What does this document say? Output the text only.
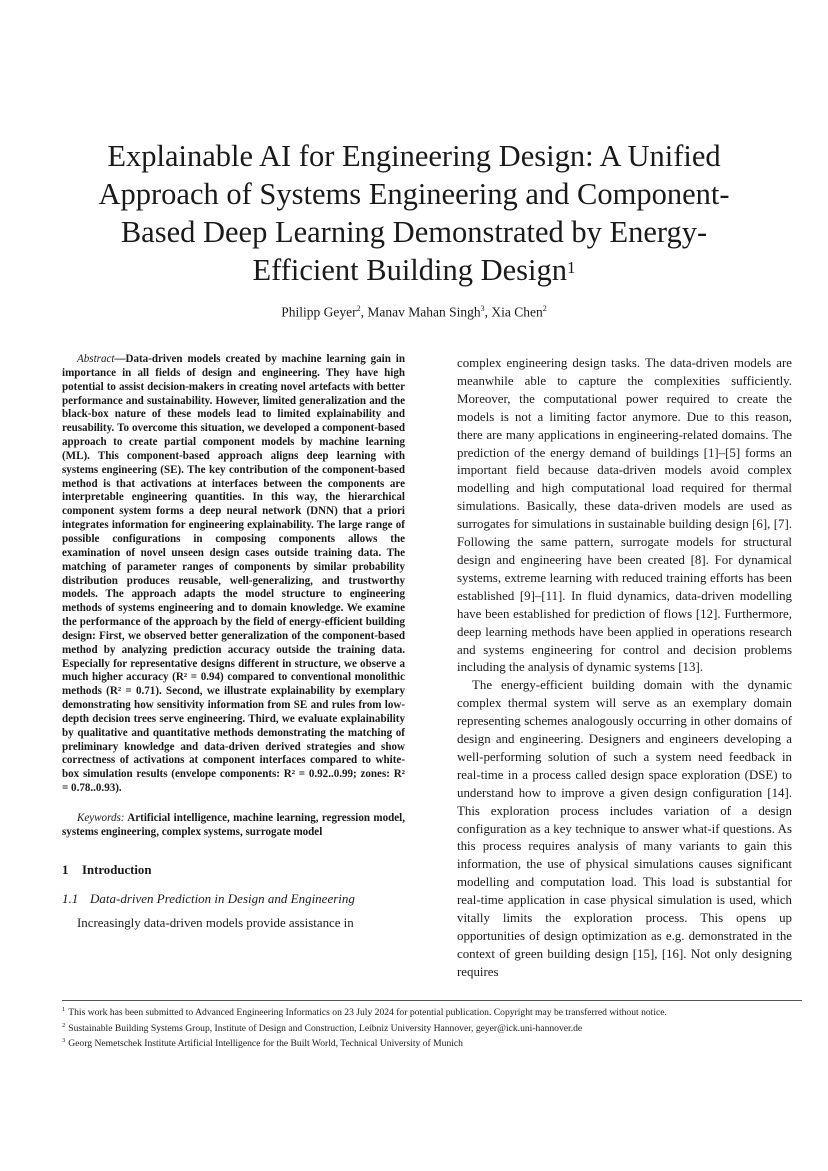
Explainable AI for Engineering Design: A Unified
Approach of Systems Engineering and Component-
Based Deep Learning Demonstrated by Energy-
Efficient Building Design$^1$
Philipp Geyer$^2$, Manav Mahan Singh$^3$, Xia Chen$^2$

Abstract—Data-driven models created by machine learning gain in importance in all fields of design and engineering. They have high potential to assist decision-makers in creating novel artefacts with better performance and sustainability. However, limited generalization and the black-box nature of these models lead to limited explainability and reusability. To overcome this situation, we developed a component-based approach to create partial component models by machine learning (ML). This component-based approach aligns deep learning with systems engineering (SE). The key contribution of the component-based method is that activations at interfaces between the components are interpretable engineering quantities. In this way, the hierarchical component system forms a deep neural network (DNN) that a priori integrates information for engineering explainability. The large range of possible configurations in composing components allows the examination of novel unseen design cases outside training data. The matching of parameter ranges of components by similar probability distribution produces reusable, well-generalizing, and trustworthy models. The approach adapts the model structure to engineering methods of systems engineering and to domain knowledge. We examine the performance of the approach by the field of energy-efficient building design: First, we observed better generalization of the component-based method by analyzing prediction accuracy outside the training data. Especially for representative designs different in structure, we observe a much higher accuracy (R² = 0.94) compared to conventional monolithic methods (R² = 0.71). Second, we illustrate explainability by exemplary demonstrating how sensitivity information from SE and rules from low-depth decision trees serve engineering. Third, we evaluate explainability by qualitative and quantitative methods demonstrating the matching of preliminary knowledge and data-driven derived strategies and show correctness of activations at component interfaces compared to white-box simulation results (envelope components: R² = 0.92..0.99; zones: R² = 0.78..0.93).

Keywords: Artificial intelligence, machine learning, regression model, systems engineering, complex systems, surrogate model

1 Introduction
1.1 Data-driven Prediction in Design and Engineering

Increasingly data-driven models provide assistance in

complex engineering design tasks. The data-driven models are meanwhile able to capture the complexities sufficiently. Moreover, the computational power required to create the models is not a limiting factor anymore. Due to this reason, there are many applications in engineering-related domains. The prediction of the energy demand of buildings [1]–[5] forms an important field because data-driven models avoid complex modelling and high computational load required for thermal simulations. Basically, these data-driven models are used as surrogates for simulations in sustainable building design [6], [7]. Following the same pattern, surrogate models for structural design and engineering have been created [8]. For dynamical systems, extreme learning with reduced training efforts has been established [9]–[11]. In fluid dynamics, data-driven modelling have been established for prediction of flows [12]. Furthermore, deep learning methods have been applied in operations research and systems engineering for control and decision problems including the analysis of dynamic systems [13].

The energy-efficient building domain with the dynamic complex thermal system will serve as an exemplary domain representing schemes analogously occurring in other domains of design and engineering. Designers and engineers developing a well-performing solution of such a system need feedback in real-time in a process called design space exploration (DSE) to understand how to improve a given design configuration [14]. This exploration process includes variation of a design configuration as a key technique to answer what-if questions. As this process requires analysis of many variants to gain this information, the use of physical simulations causes significant modelling and computation load. This load is substantial for real-time application in case physical simulation is used, which vitally limits the exploration process. This opens up opportunities of design optimization as e.g. demonstrated in the context of green building design [15], [16]. Not only designing requires

$^1$ This work has been submitted to Advanced Engineering Informatics on 23 July 2024 for potential publication. Copyright may be transferred without notice.

$^2$ Sustainable Building Systems Group, Institute of Design and Construction, Leibniz University Hannover, geyer@ick.uni-hannover.de

$^3$ Georg Nemetschek Institute Artificial Intelligence for the Built World, Technical University of Munich
